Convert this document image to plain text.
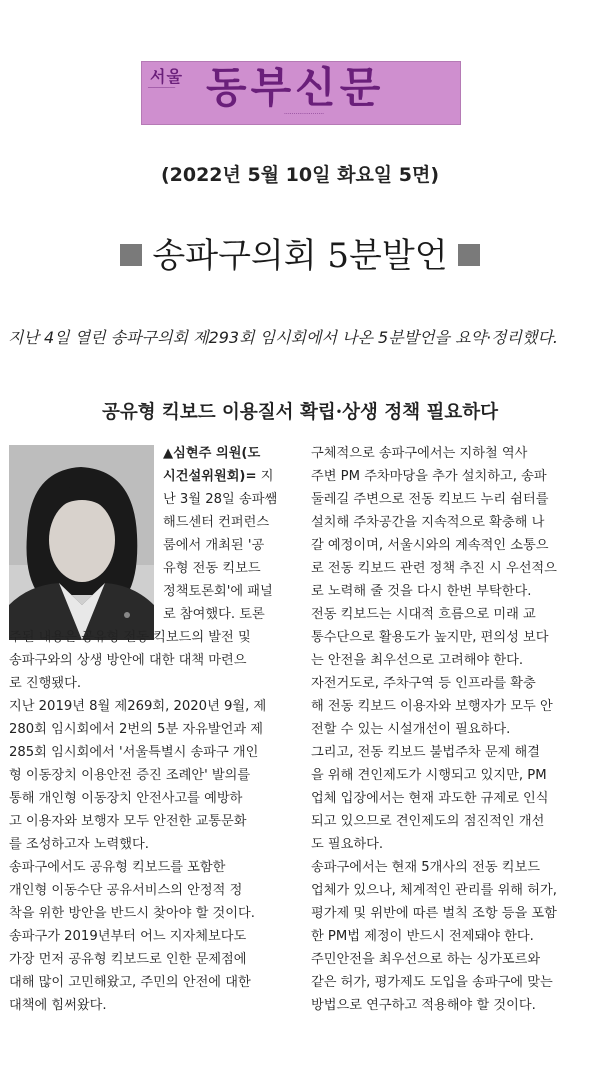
서울
───────── 동부신문
·····················
(2022년 5월 10일 화요일 5면)
송파구의회 5분발언
지난 4일 열린 송파구의회 제293회 임시회에서 나온 5분발언을 요약·정리했다.
공유형 킥보드 이용질서 확립·상생 정책 필요하다

▲심현주 의원(도

시건설위원회)= 지

난 3월 28일 송파쌤

해드센터 컨퍼런스

룸에서 개최된 '공

유형 전동 킥보드

정책토론회'에 패널

로 참여했다. 토론

주된 내용은 공유형 전동 킥보드의 발전 및

송파구와의 상생 방안에 대한 대책 마련으

로 진행됐다.

지난 2019년 8월 제269회, 2020년 9월, 제

280회 임시회에서 2번의 5분 자유발언과 제

285회 임시회에서 '서울특별시 송파구 개인

형 이동장치 이용안전 증진 조례안' 발의를

통해 개인형 이동장치 안전사고를 예방하

고 이용자와 보행자 모두 안전한 교통문화

를 조성하고자 노력했다.

송파구에서도 공유형 킥보드를 포함한

개인형 이동수단 공유서비스의 안정적 정

착을 위한 방안을 반드시 찾아야 할 것이다.

송파구가 2019년부터 어느 지자체보다도

가장 먼저 공유형 킥보드로 인한 문제점에

대해 많이 고민해왔고, 주민의 안전에 대한

대책에 힘써왔다.

구체적으로 송파구에서는 지하철 역사

주변 PM 주차마당을 추가 설치하고, 송파

둘레길 주변으로 전동 킥보드 누리 쉼터를

설치해 주차공간을 지속적으로 확충해 나

갈 예정이며, 서울시와의 계속적인 소통으

로 전동 킥보드 관련 정책 추진 시 우선적으

로 노력해 줄 것을 다시 한번 부탁한다.

전동 킥보드는 시대적 흐름으로 미래 교

통수단으로 활용도가 높지만, 편의성 보다

는 안전을 최우선으로 고려해야 한다.

자전거도로, 주차구역 등 인프라를 확충

해 전동 킥보드 이용자와 보행자가 모두 안

전할 수 있는 시설개선이 필요하다.

그리고, 전동 킥보드 불법주차 문제 해결

을 위해 견인제도가 시행되고 있지만, PM

업체 입장에서는 현재 과도한 규제로 인식

되고 있으므로 견인제도의 점진적인 개선

도 필요하다.

송파구에서는 현재 5개사의 전동 킥보드

업체가 있으나, 체계적인 관리를 위해 허가,

평가제 및 위반에 따른 벌칙 조항 등을 포함

한 PM법 제정이 반드시 전제돼야 한다.

주민안전을 최우선으로 하는 싱가포르와

같은 허가, 평가제도 도입을 송파구에 맞는

방법으로 연구하고 적용해야 할 것이다.
